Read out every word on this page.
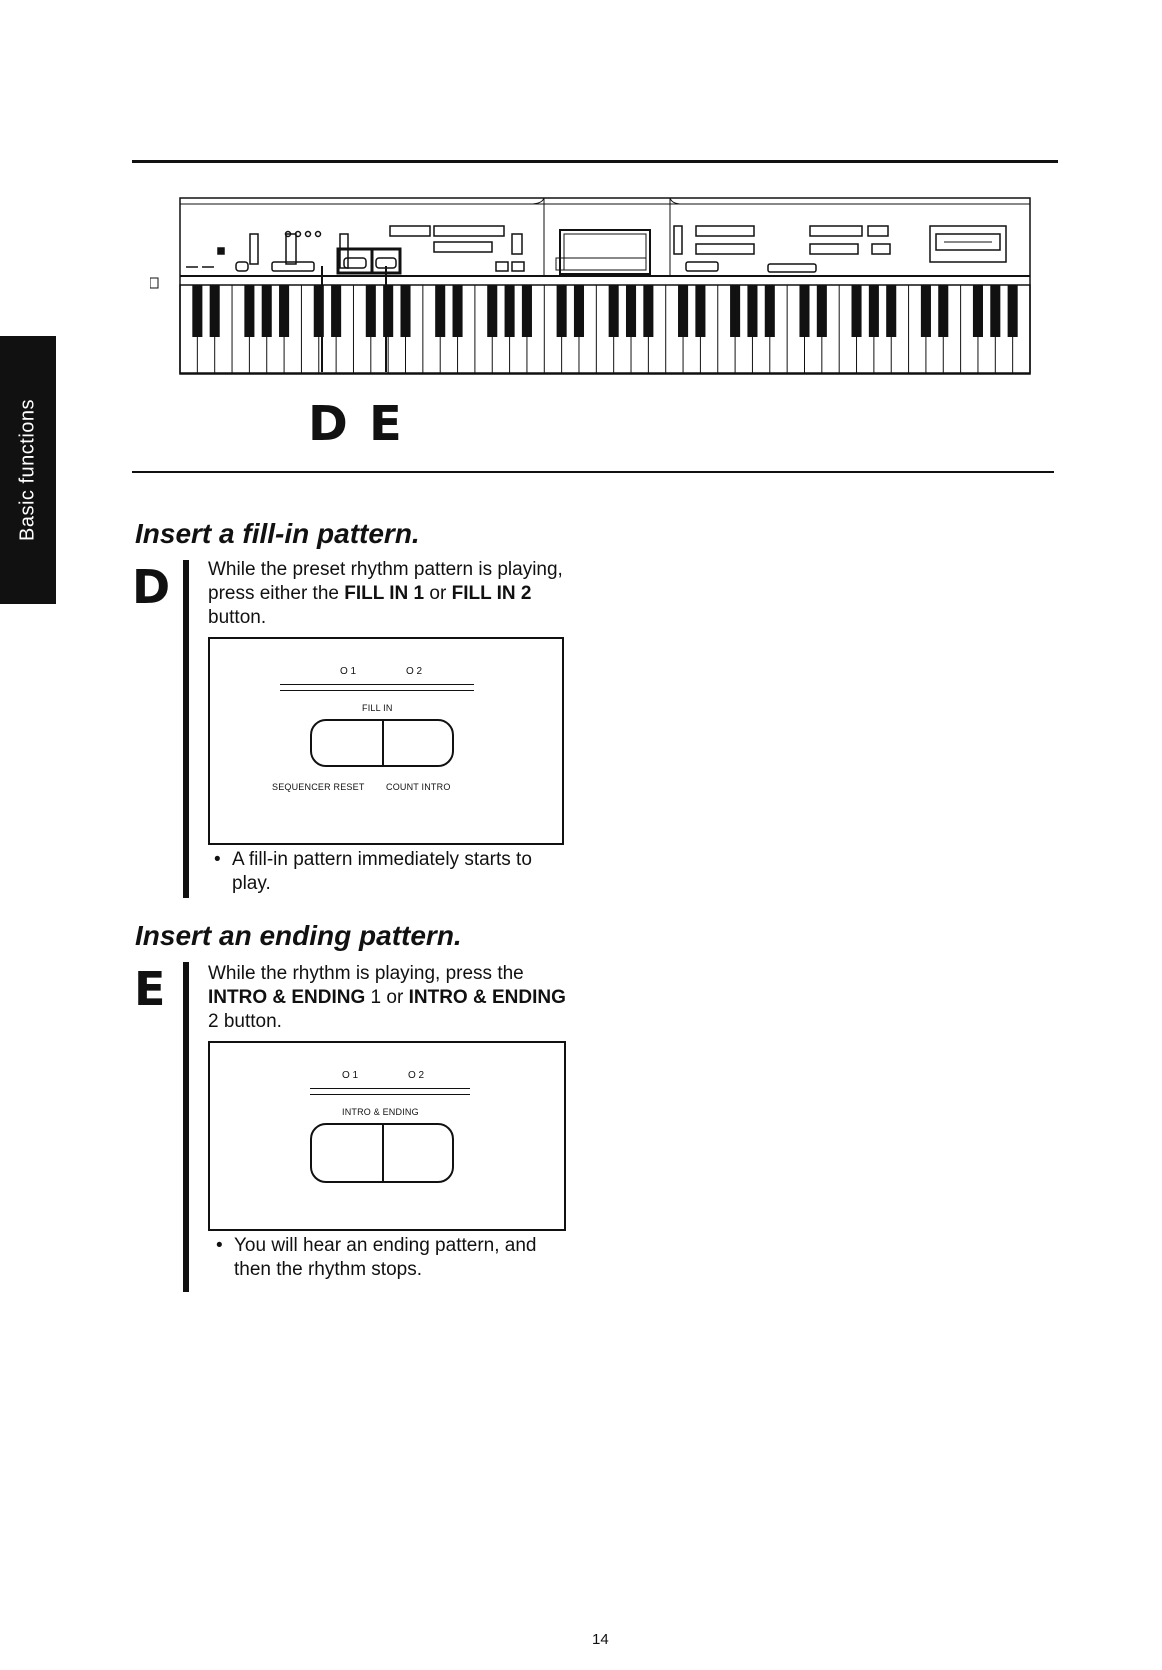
Basic functions	D E
Insert a fill-in pattern.
D While the preset rhythm pattern is playing, press either the FILL IN 1 or FILL IN 2 button.
O 1	O 2
FILL IN
SEQUENCER RESET COUNT INTRO
• A fill-in pattern immediately starts to play.
Insert an ending pattern.
E While the rhythm is playing, press the INTRO & ENDING 1 or INTRO & ENDING 2 button.
O 1	O 2
INTRO & ENDING
• You will hear an ending pattern, and then the rhythm stops.
14
